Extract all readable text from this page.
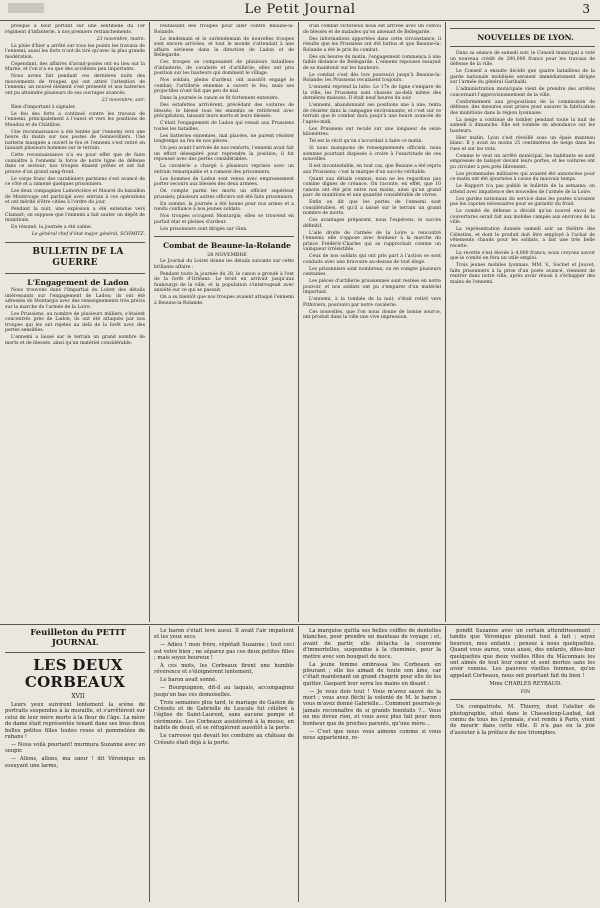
Le Petit Journal	3

presque à bout portant sur une sentinelle du 1er régiment d'infanterie, à nos premiers retranchements.

23 novembre, matin.

La pluie d'hier a arrêté sur tous les points les travaux de l'ennemi; aussi les forts n'ont-ils tiré qu'avec la plus grande modération.

Cependant, des affaires d'avant-postes ont eu lieu sur la Marne, et l'on n'a eu que des accidents peu importants.

Nous avons fait pendant ces dernières nuits des mouvements de troupes qui ont attiré l'attention de l'ennemi; un nouvel élément s'est présenté et nos batteries ont pu atteindre plusieurs de ses ouvrages avancés.

23 novembre, soir.

Rien d'important à signaler.

Le feu des forts a continué contre les travaux de l'ennemi, principalement à l'ouest et vers les positions de Meudon et de Châtillon.

Une reconnaissance a été tentée par l'ennemi vers une heure du matin sur nos postes de Gennevilliers. Une batterie masquée a ouvert le feu et l'ennemi s'est retiré en laissant plusieurs hommes sur le terrain.

Cette reconnaissance n'a eu pour effet que de faire connaître à l'ennemi la force de notre ligne de défense dans ce secteur; nos troupes étaient prêtes et ont fait preuve d'un grand sang-froid.

Le corps franc des carabiniers parisiens s'est avancé de ce côté et a ramené quelques prisonniers.

Les deux compagnies Lamoricière et Maurel du bataillon de Montrouge ont participé avec entrain à ces opérations et ont mérité d'être citées à l'ordre du jour.

Pendant la nuit, une explosion a été entendue vers Clamart; on suppose que l'ennemi a fait sauter un dépôt de munitions.

En résumé, la journée a été calme.

Le général chef d'état-major général, SCHMITZ.

BULLETIN DE LA GUERRE

L'Engagement de Ladon

Nous trouvons dans l'Impartial du Loiret des détails intéressants sur l'engagement de Ladon; ils ont été adressés de Montargis avec des renseignements très précis sur la marche de l'armée de la Loire.

Les Prussiens, au nombre de plusieurs milliers, s'étaient concentrés près de Ladon; ils ont été attaqués par nos troupes qui les ont rejetés au delà de la forêt avec des pertes sensibles.

L'ennemi a laissé sur le terrain un grand nombre de morts et de blessés, ainsi qu'un matériel considérable.

réunissant des troupes pour aller contre Beaune-la-Rolande.

Le lendemain et le surlendemain de nouvelles troupes sont encore arrivées, et tout le monde s'attendait à une affaire sérieuse dans la direction de Ladon et de Bellegarde.

Ces troupes se composaient de plusieurs bataillons d'infanterie, de cavalerie et d'artillerie; elles ont pris position sur les hauteurs qui dominent le village.

Nos soldats, pleins d'ardeur, ont aussitôt engagé le combat; l'artillerie ennemie a ouvert le feu, mais ses projectiles n'ont fait que peu de mal.

Dans la journée le canon se fit fortement entendre.

Des estafettes arrivèrent, précédant des voitures de blessés; le blessé tous les ennemis se retirèrent avec précipitation, laissant leurs morts et leurs blessés.

C'était l'engagement de Ladon qui venait aux Prussiens toutes les batailles.

Les batteries ennemies, mal placées, ne purent résister longtemps au feu de nos pièces.

Un peu avant l'arrivée de nos renforts, l'ennemi avait fait un effort désespéré pour reprendre la position; il fut repoussé avec des pertes considérables.

La cavalerie a chargé à plusieurs reprises avec un entrain remarquable et a ramené des prisonniers.

Les hommes de Ladon sont venus avec empressement porter secours aux blessés des deux armées.

On compte parmi les morts un officier supérieur prussien; plusieurs autres officiers ont été faits prisonniers.

En somme, la journée a été bonne pour nos armes et a rendu confiance à nos jeunes soldats.

Nos troupes occupent Montargis; elles se trouvent en parfait état et pleines d'ardeur.

Les prisonniers sont dirigés sur Gien.

Combat de Beaune-la-Rolande

28 NOVEMBRE

Le Journal du Loiret donne les détails suivants sur cette brillante affaire :

Pendant toute la journée du 28, le canon a grondé à l'est de la forêt d'Orléans. Le bruit en arrivait jusqu'aux faubourgs de la ville, et la population s'interrogeait avec anxiété sur ce qui se passait.

On a su bientôt que nos troupes avaient attaqué l'ennemi à Beaune-la-Rolande.

d'un combat victorieux nous est arrivée avec un convoi de blessés et de malades qu'on amenait de Bellegarde.

Des informations apportées dans cette circonstance, il résulte que les Prussiens ont été battus et que Beaune-la-Rolande a été le prix du combat.

Dès six heures du matin, l'engagement commença à une faible distance de Bellegarde. L'ennemi repoussé essayait de se maintenir sur les hauteurs.

Le combat s'est dès lors poursuivi jusqu'à Beaune-la-Rolande; les Prussiens reculaient toujours.

L'ennemi reprend la lutte. Le 17e de ligne s'empare de la ville; les Prussiens sont chassés au-delà même des dernières maisons. Il était neuf heures du soir.

L'ennemi, abandonnant ses positions une à une, tenta de résister dans la campagne environnante, et c'est sur ce terrain que le combat dura jusqu'à une heure avancée de l'après-midi.

Les Prussiens ont reculé sur une longueur de seize kilomètres.

Tel est le récit qu'on s'accordait à faire ce matin.

Si nous manquons de renseignements officiels, nous sommes pourtant disposés à croire à l'exactitude de ces nouvelles.

Il est incontestable, en tout cas, que Beaune a été repris aux Prussiens; c'est la marque d'un succès véritable.

Quant aux détails connus, nous ne les regardons pas comme dignes de créance. On raconte, en effet, que 10 canons ont été pris entre nos mains, ainsi qu'un grand parc de munitions et une quantité considérable de vivres.

Enfin on dit que les pertes de l'ennemi sont considérables, et qu'il a laissé sur le terrain un grand nombre de morts.

Ces avantages préparent, nous l'espérons, le succès définitif.

L'aile droite de l'armée de la Loire a rencontré l'ennemi; elle s'oppose avec bonheur à la marche du prince Frédéric-Charles qui se rapprochait comme un vainqueur irrésistible.

Ceux de nos soldats qui ont pris part à l'action se sont conduits avec une bravoure au-dessus de tout éloge.

Les prisonniers sont nombreux; on en compte plusieurs centaines.

Les pièces d'artillerie prussiennes sont restées en notre pouvoir, et nos soldats ont pu s'emparer d'un matériel important.

L'ennemi, à la tombée de la nuit, s'était retiré vers Pithiviers, poursuivi par notre cavalerie.

Ces nouvelles, que l'on nous donne de bonne source, ont produit dans la ville une vive impression.

NOUVELLES DE LYON.

Dans sa séance de samedi soir, le Conseil municipal a voté un nouveau crédit de 200,000 francs pour les travaux de défense de la ville.

Le Conseil a ensuite décidé que quatre bataillons de la garde nationale mobilisée seraient immédiatement dirigés sur l'armée du général Garibaldi.

L'administration municipale vient de prendre des arrêtés concernant l'approvisionnement de la ville.

Conformément aux propositions de la commission de défense, des mesures sont prises pour assurer la fabrication des munitions dans la région lyonnaise.

La neige a continué de tomber pendant toute la nuit de samedi à dimanche. Elle est tombée en abondance sur les hauteurs.

Hier matin, Lyon s'est réveillé sous un épais manteau blanc. Il y avait au moins 25 centimètres de neige dans les rues et sur les toits.

Comme le veut un arrêté municipal, les habitants se sont empressés de balayer devant leurs portes, et les voitures ont pu circuler à peu près librement.

Les promenades militaires qui avaient été annoncées pour ce matin ont été ajournées à cause du mauvais temps.

Le Rapport n'a pas publié le bulletin de la semaine; on attend avec impatience des nouvelles de l'armée de la Loire.

Les gardes nationaux du service dans les postes n'avaient pas les capotes nécessaires pour se garantir du froid.

Le comité de défense a décidé qu'un nouvel envoi de couvertures serait fait aux mobiles campés aux environs de la ville.

La représentation donnée samedi soir au théâtre des Célestins, et dont le produit doit être employé à l'achat de vêtements chauds pour les soldats, a fait une très belle recette.

La recette s'est élevée à 4,000 francs; nous croyons savoir que le comité en fera un utile emploi.

Trois jeunes mobiles lyonnais, MM. V., Suchet et Jouvet, faits prisonniers à la prise d'un poste avancé, viennent de rentrer dans notre ville, après avoir réussi à s'échapper des mains de l'ennemi.

Feuilleton du PETIT JOURNAL

LES DEUX CORBEAUX

XVII

Leurs yeux suivirent lentement la scène de portraits suspendus à la muraille, et s'arrêtèrent sur celui de leur mère morte à la fleur de l'âge. La mère de dame était représentée tenant dans ses bras deux belles petites filles toutes roses et pommelées de rubans !

— Nous voilà pourtant! murmura Suzanne avec un soupir.

— Allons, allons, ma sœur ! dit Véronique en essuyant une larme,

Le baron s'était levé aussi. Il avait l'air impatient et les yeux secs.

— Adieu ! mon frère, répétait Suzanne ; tout ceci est votre bien ; ne séparez pas ces deux petites filles ; mais soyez heureux !

À ces mots, les Corbeaux firent une humble révérence et s'éloignèrent lentement.

Le baron avait sonné.

— Bourguignon, dit-il au laquais, accompagnez jusqu'en bas ces demoiselles.

Trois semaines plus tard, le mariage de Gaston de Créouts et de Gabrielle de Lescale fut célébré à l'église de Saint-Laurent, sans aucune pompe et cérémonie. Les Corbeaux assistèrent à la messe, en habits de deuil, et se réfugièrent aussitôt à la porte.

Le carrosse qui devait les conduire au château de Créouts était déjà à la porte.

La marquise quitta ses belles coiffes de dentelles blanches, pour prendre un manteau de voyage ; et, avant de partir, elle détacha la couronne d'immortelles, suspendue à la cheminée, pour la mettre avec son bouquet de noce.

La jeune femme embrassa les Corbeaux en pleurant ; elle les aimait de toute son âme, car c'était maintenant un grand chagrin pour elle de les quitter. Gaspard leur serra les mains en disant :

— Je vous dois tout ! Vous m'avez sauvé de la mort ; vous avez fléchi la volonté de M. le baron ; vous m'avez donné Gabrielle... Comment pourrais-je jamais reconnaître de si grands bienfaits ?... Vous ne me devez rien, et vous avez plus fait pour mon bonheur que de proches parents, qu'une mère...

— C'est que nous vous aimons comme si vous nous apparteniez, re-

pondit Suzanne avec un certain attendrissement ; tandis que Véronique pleurait tout à fait ; soyez heureux, mes enfants ; pensez à nous quelquefois. Quand vous aurez, vous aussi, des enfants, dites-leur quelquefois que deux vieilles filles du Mâconnais les ont aimés de tout leur cœur et sont mortes sans les avoir connus. Les pauvres vieilles femmes, qu'on appelait Corbeaux, nous ont pourtant fait du bien !

Mme CHARLES REYBAUD.

FIN

Un compatriote, M. Thierry, dont l'atelier de photographie, situé dans le Chasseloup-Laubat, fait connu de tous les Lyonnais, s'est rendu à Paris, vient de mourir dans cette ville. Il n'a pas eu la joie d'assister à la préface de nos triomphes.
